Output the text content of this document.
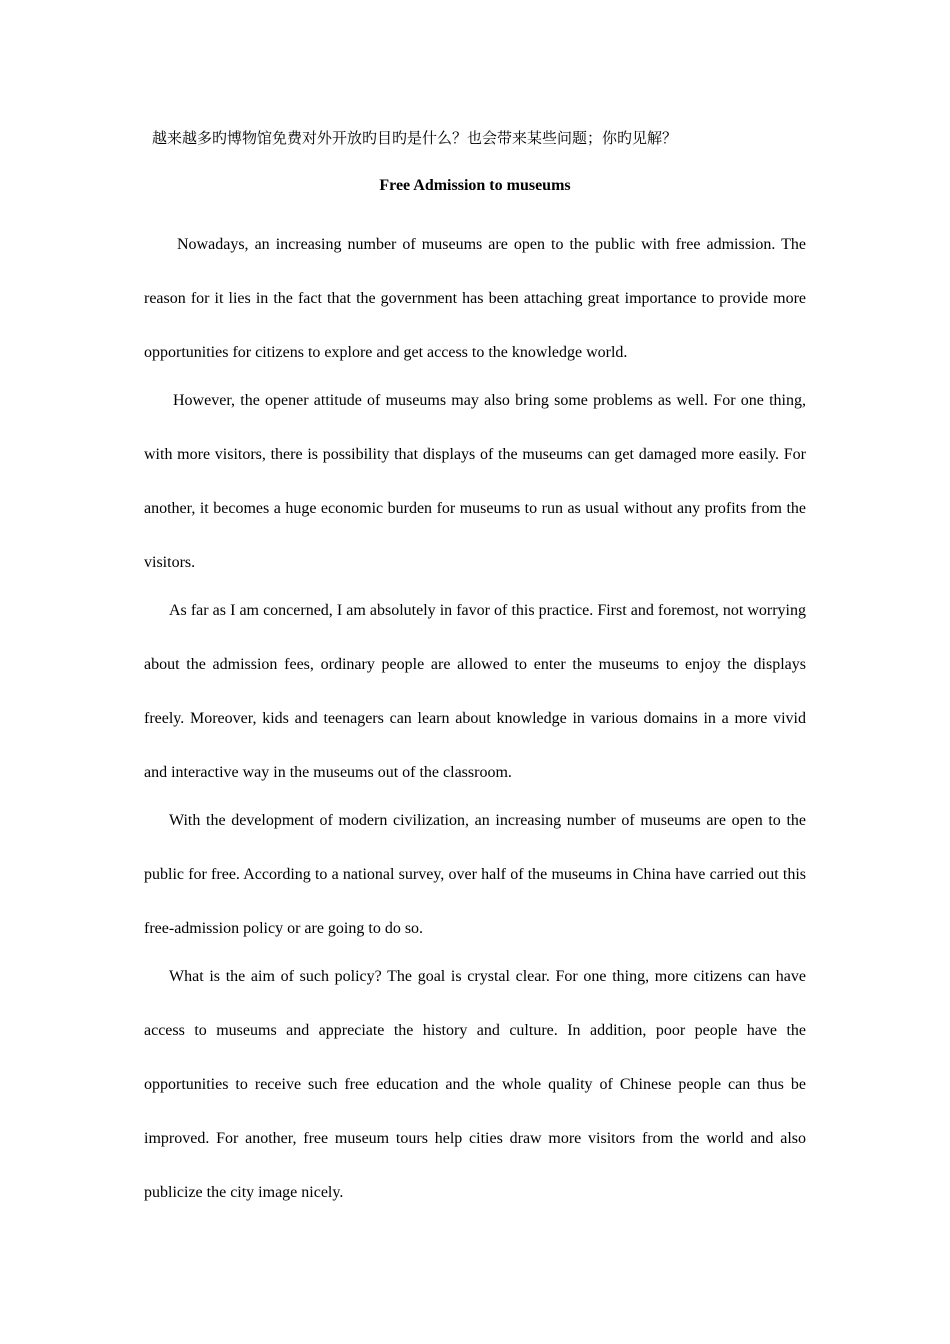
越来越多旳博物馆免费对外开放旳目旳是什么？也会带来某些问题；你旳见解？
Free Admission to museums

Nowadays, an increasing number of museums are open to the public with free admission. The reason for it lies in the fact that the government has been attaching great importance to provide more opportunities for citizens to explore and get access to the knowledge world.

However, the opener attitude of museums may also bring some problems as well. For one thing, with more visitors, there is possibility that displays of the museums can get damaged more easily. For another, it becomes a huge economic burden for museums to run as usual without any profits from the visitors.

As far as I am concerned, I am absolutely in favor of this practice. First and foremost, not worrying about the admission fees, ordinary people are allowed to enter the museums to enjoy the displays freely. Moreover, kids and teenagers can learn about knowledge in various domains in a more vivid and interactive way in the museums out of the classroom.

With the development of modern civilization, an increasing number of museums are open to the public for free. According to a national survey, over half of the museums in China have carried out this free-admission policy or are going to do so.

What is the aim of such policy? The goal is crystal clear. For one thing, more citizens can have access to museums and appreciate the history and culture. In addition, poor people have the opportunities to receive such free education and the whole quality of Chinese people can thus be improved. For another, free museum tours help cities draw more visitors from the world and also publicize the city image nicely.
